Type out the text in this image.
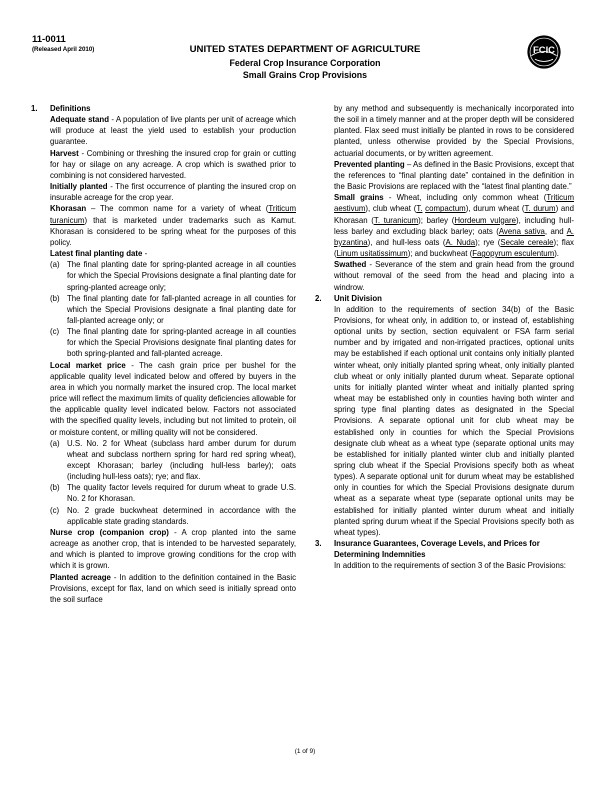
11-0011
(Released April 2010)	UNITED STATES DEPARTMENT OF AGRICULTURE
Federal Crop Insurance Corporation
Small Grains Crop Provisions
FCIC
1. Definitions

Adequate stand - A population of live plants per unit of acreage which will produce at least the yield used to establish your production guarantee.

Harvest - Combining or threshing the insured crop for grain or cutting for hay or silage on any acreage. A crop which is swathed prior to combining is not considered harvested.

Initially planted - The first occurrence of planting the insured crop on insurable acreage for the crop year.

Khorasan – The common name for a variety of wheat (Triticum turanicum) that is marketed under trademarks such as Kamut. Khorasan is considered to be spring wheat for the purposes of this policy.

Latest final planting date -

(a) The final planting date for spring-planted acreage in all counties for which the Special Provisions designate a final planting date for spring-planted acreage only;

(b) The final planting date for fall-planted acreage in all counties for which the Special Provisions designate a final planting date for fall-planted acreage only; or

(c) The final planting date for spring-planted acreage in all counties for which the Special Provisions designate final planting dates for both spring-planted and fall-planted acreage.

Local market price - The cash grain price per bushel for the applicable quality level indicated below and offered by buyers in the area in which you normally market the insured crop. The local market price will reflect the maximum limits of quality deficiencies allowable for the applicable quality level indicated below. Factors not associated with the specified quality levels, including but not limited to protein, oil or moisture content, or milling quality will not be considered.

(a) U.S. No. 2 for Wheat (subclass hard amber durum for durum wheat and subclass northern spring for hard red spring wheat), except Khorasan; barley (including hull-less barley); oats (including hull-less oats); rye; and flax.

(b) The quality factor levels required for durum wheat to grade U.S. No. 2 for Khorasan.

(c) No. 2 grade buckwheat determined in accordance with the applicable state grading standards.

Nurse crop (companion crop) - A crop planted into the same acreage as another crop, that is intended to be harvested separately, and which is planted to improve growing conditions for the crop with which it is grown.

Planted acreage - In addition to the definition contained in the Basic Provisions, except for flax, land on which seed is initially spread onto the soil surface

by any method and subsequently is mechanically incorporated into the soil in a timely manner and at the proper depth will be considered planted. Flax seed must initially be planted in rows to be considered planted, unless otherwise provided by the Special Provisions, actuarial documents, or by written agreement.

Prevented planting – As defined in the Basic Provisions, except that the references to “final planting date” contained in the definition in the Basic Provisions are replaced with the “latest final planting date.”

Small grains - Wheat, including only common wheat (Triticum aestivum), club wheat (T. compactum), durum wheat (T. durum) and Khorasan (T. turanicum); barley (Hordeum vulgare), including hull-less barley and excluding black barley; oats (Avena sativa, and A. byzantina), and hull-less oats (A. Nuda); rye (Secale cereale); flax (Linum usitatissimum); and buckwheat (Fagopyrum esculentum).

Swathed - Severance of the stem and grain head from the ground without removal of the seed from the head and placing into a windrow.

2. Unit Division

In addition to the requirements of section 34(b) of the Basic Provisions, for wheat only, in addition to, or instead of, establishing optional units by section, section equivalent or FSA farm serial number and by irrigated and non-irrigated practices, optional units may be established if each optional unit contains only initially planted winter wheat, only initially planted spring wheat, only initially planted club wheat or only initially planted durum wheat. Separate optional units for initially planted winter wheat and initially planted spring wheat may be established only in counties having both winter and spring type final planting dates as designated in the Special Provisions. A separate optional unit for club wheat may be established only in counties for which the Special Provisions designate club wheat as a wheat type (separate optional units may be established for initially planted winter club and initially planted spring club wheat if the Special Provisions specify both as wheat types). A separate optional unit for durum wheat may be established only in counties for which the Special Provisions designate durum wheat as a separate wheat type (separate optional units may be established for initially planted winter durum wheat and initially planted spring durum wheat if the Special Provisions specify both as wheat types).

3. Insurance Guarantees, Coverage Levels, and Prices for Determining Indemnities

In addition to the requirements of section 3 of the Basic Provisions:

(1 of 9)
